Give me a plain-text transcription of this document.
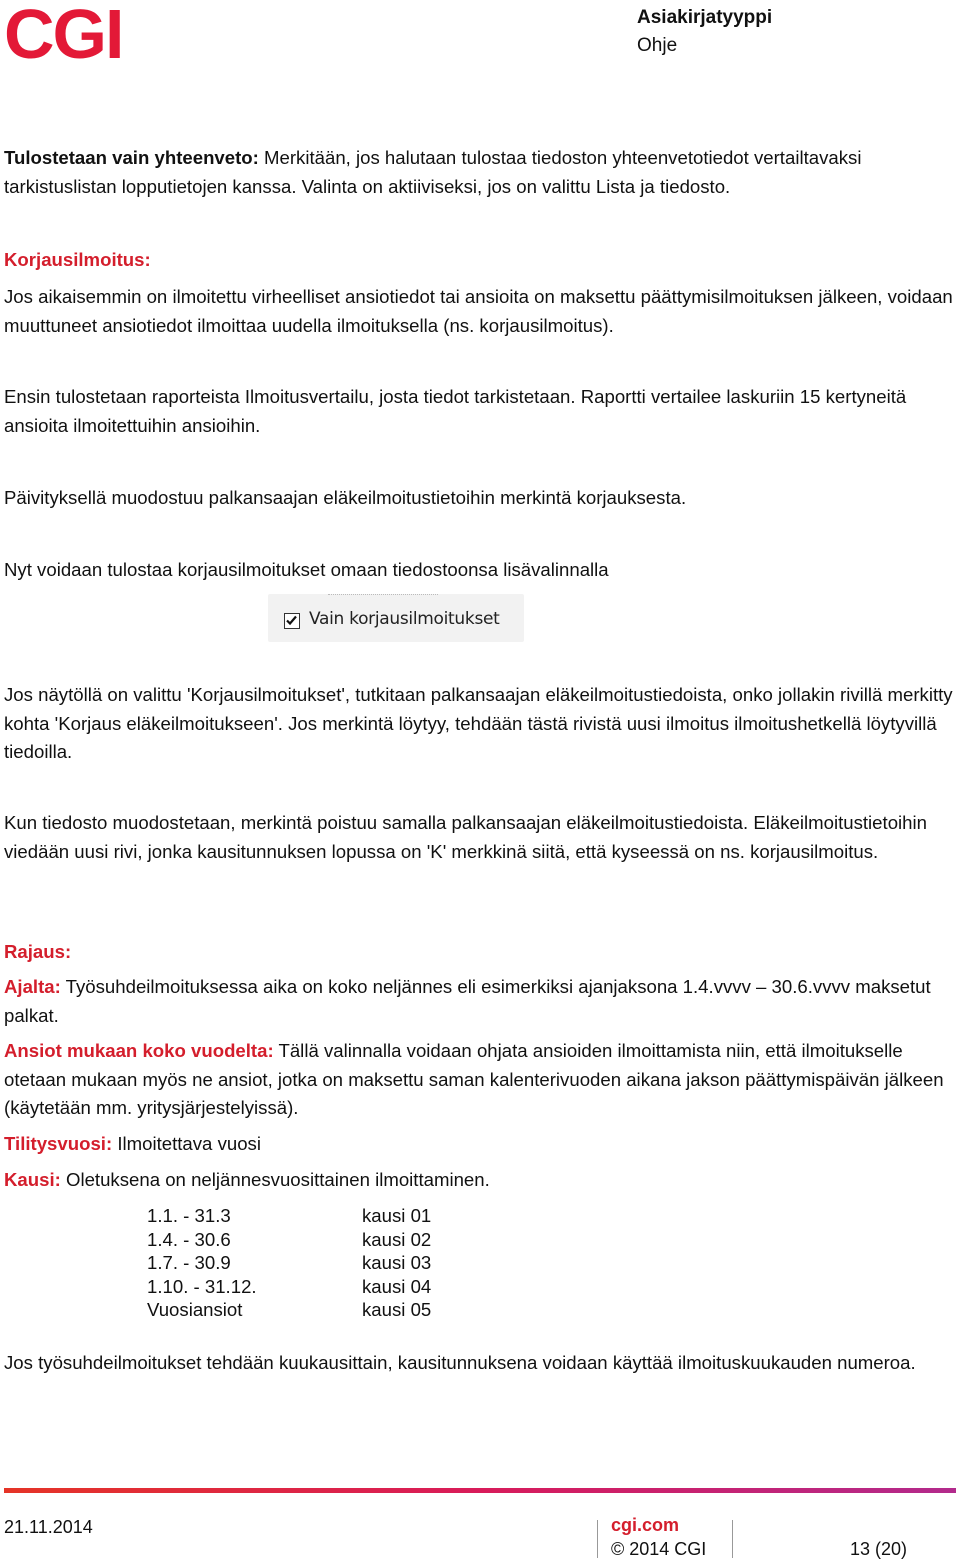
CGI	Asiakirjatyyppi
Ohje

Tulostetaan vain yhteenveto: Merkitään, jos halutaan tulostaa tiedoston yhteenvetotiedot vertailtavaksi tarkistuslistan lopputietojen kanssa. Valinta on aktiiviseksi, jos on valittu Lista ja tiedosto.

Korjausilmoitus:

Jos aikaisemmin on ilmoitettu virheelliset ansiotiedot tai ansioita on maksettu päättymisilmoituksen jälkeen, voidaan muuttuneet ansiotiedot ilmoittaa uudella ilmoituksella (ns. korjausilmoitus).

Ensin tulostetaan raporteista Ilmoitusvertailu, josta tiedot tarkistetaan. Raportti vertailee laskuriin 15 kertyneitä ansioita ilmoitettuihin ansioihin.

Päivityksellä muodostuu palkansaajan eläkeilmoitustietoihin merkintä korjauksesta.

Nyt voidaan tulostaa korjausilmoitukset omaan tiedostoonsa lisävalinnalla

Vain korjausilmoitukset

Jos näytöllä on valittu 'Korjausilmoitukset', tutkitaan palkansaajan eläkeilmoitustiedoista, onko jollakin rivillä merkitty kohta 'Korjaus eläkeilmoitukseen'. Jos merkintä löytyy, tehdään tästä rivistä uusi ilmoitus ilmoitushetkellä löytyvillä tiedoilla.

Kun tiedosto muodostetaan, merkintä poistuu samalla palkansaajan eläkeilmoitustiedoista. Eläkeilmoitustietoihin viedään uusi rivi, jonka kausitunnuksen lopussa on 'K' merkkinä siitä, että kyseessä on ns. korjausilmoitus.

Rajaus:

Ajalta: Työsuhdeilmoituksessa aika on koko neljännes eli esimerkiksi ajanjaksona 1.4.vvvv – 30.6.vvvv maksetut palkat.

Ansiot mukaan koko vuodelta: Tällä valinnalla voidaan ohjata ansioiden ilmoittamista niin, että ilmoitukselle otetaan mukaan myös ne ansiot, jotka on maksettu saman kalenterivuoden aikana jakson päättymispäivän jälkeen (käytetään mm. yritysjärjestelyissä).

Tilitysvuosi: Ilmoitettava vuosi

Kausi: Oletuksena on neljännesvuosittainen ilmoittaminen.

1.1. - 31.3	kausi 01
1.4. - 30.6	kausi 02
1.7. - 30.9	kausi 03
1.10. - 31.12.	kausi 04
Vuosiansiot	kausi 05

Jos työsuhdeilmoitukset tehdään kuukausittain, kausitunnuksena voidaan käyttää ilmoituskuukauden numeroa.

21.11.2014	cgi.com
© 2014 CGI	13 (20)
